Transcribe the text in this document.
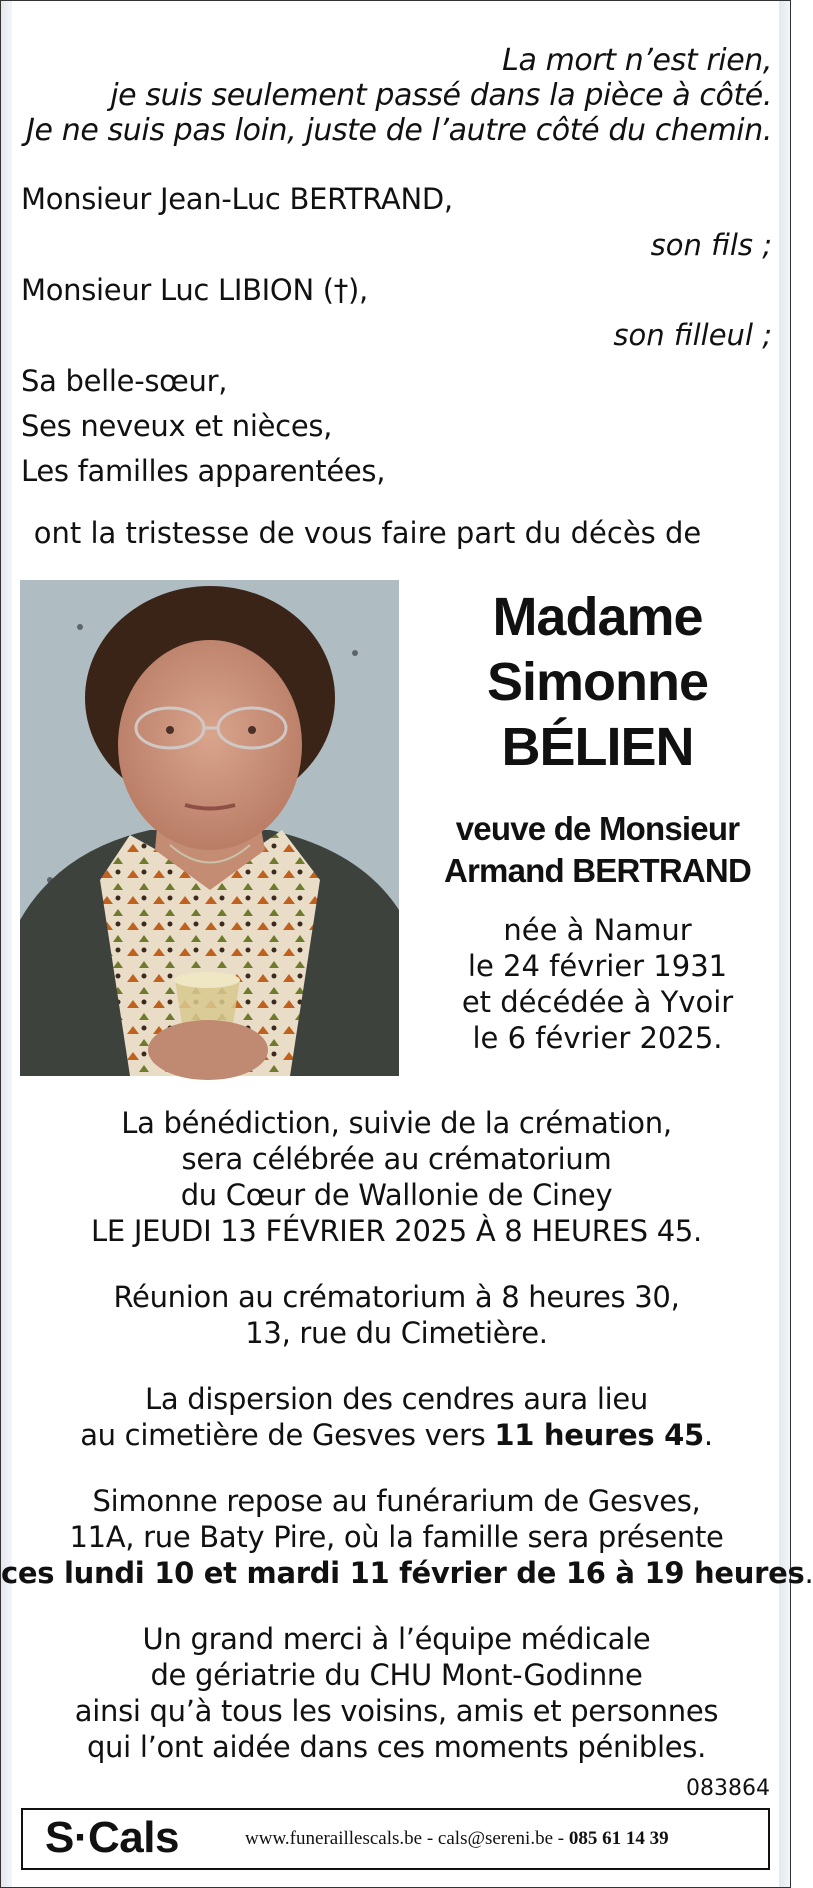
La mort n’est rien,
je suis seulement passé dans la pièce à côté.
Je ne suis pas loin, juste de l’autre côté du chemin.
Monsieur Jean-Luc BERTRAND,
son fils ;
Monsieur Luc LIBION (†),
son filleul ;
Sa belle-sœur,
Ses neveux et nièces,
Les familles apparentées,
ont la tristesse de vous faire part du décès de
Madame
Simonne
BÉLIEN
veuve de Monsieur
Armand BERTRAND
née à Namur
le 24 février 1931
et décédée à Yvoir
le 6 février 2025.
La bénédiction, suivie de la crémation,
sera célébrée au crématorium
du Cœur de Wallonie de Ciney
LE JEUDI 13 FÉVRIER 2025 À 8 HEURES 45.
Réunion au crématorium à 8 heures 30,
13, rue du Cimetière.
La dispersion des cendres aura lieu
au cimetière de Gesves vers 11 heures 45.
Simonne repose au funérarium de Gesves,
11A, rue Baty Pire, où la famille sera présente
ces lundi 10 et mardi 11 février de 16 à 19 heures.
Un grand merci à l’équipe médicale
de gériatrie du CHU Mont-Godinne
ainsi qu’à tous les voisins, amis et personnes
qui l’ont aidée dans ces moments pénibles.
083864
S·Cals	www.funeraillescals.be - cals@sereni.be - 085 61 14 39
